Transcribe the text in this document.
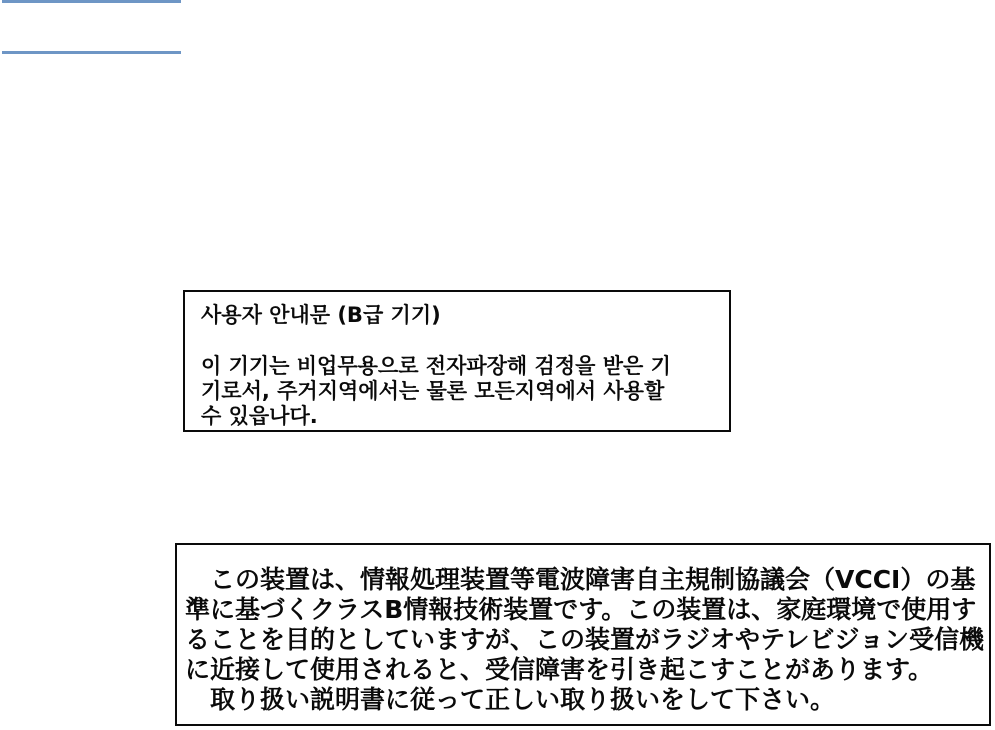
사용자 안내문 (B급 기기)
이 기기는 비업무용으로 전자파장해 검정을 받은 기
기로서, 주거지역에서는 물론 모든지역에서 사용할
수 있읍나다.
　この装置は、情報処理装置等電波障害自主規制協議会（VCCI）の基
準に基づくクラスB情報技術装置です。この装置は、家庭環境で使用す
ることを目的としていますが、この装置がラジオやテレビジョン受信機
に近接して使用されると、受信障害を引き起こすことがあります。
　取り扱い説明書に従って正しい取り扱いをして下さい。
